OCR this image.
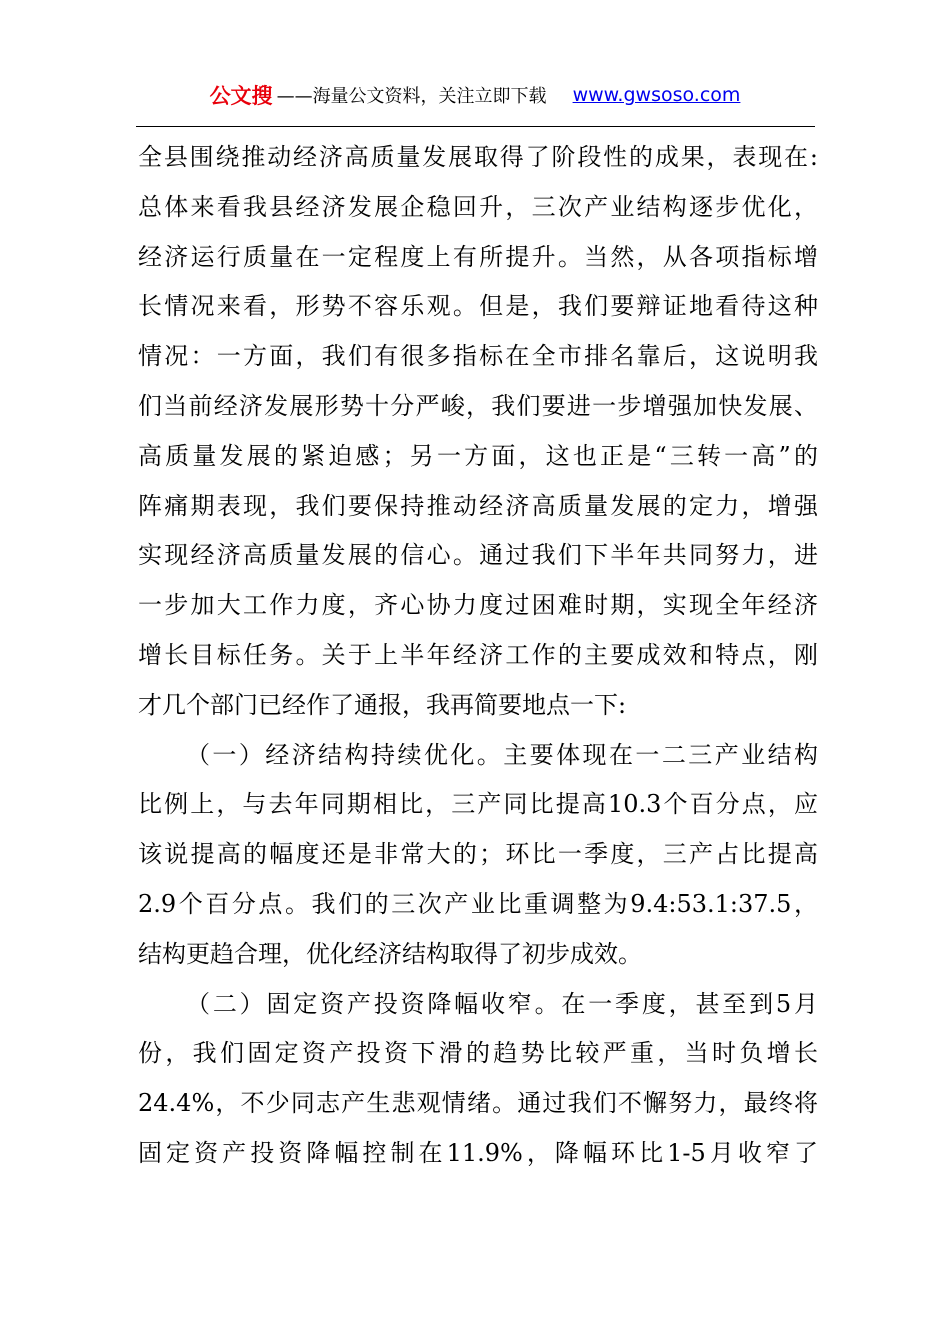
公文搜 ——海量公文资料，关注立即下载 www.gwsoso.com
全县围绕推动经济高质量发展取得了阶段性的成果，表现在:
总体来看我县经济发展企稳回升，三次产业结构逐步优化，
经济运行质量在一定程度上有所提升。当然，从各项指标增
长情况来看，形势不容乐观。但是，我们要辩证地看待这种
情况：一方面，我们有很多指标在全市排名靠后，这说明我
们当前经济发展形势十分严峻，我们要进一步增强加快发展、
高质量发展的紧迫感；另一方面，这也正是“三转一高”的
阵痛期表现，我们要保持推动经济高质量发展的定力，增强
实现经济高质量发展的信心。通过我们下半年共同努力，进
一步加大工作力度，齐心协力度过困难时期，实现全年经济
增长目标任务。关于上半年经济工作的主要成效和特点，刚
才几个部门已经作了通报，我再简要地点一下:
（一）经济结构持续优化。主要体现在一二三产业结构
比例上，与去年同期相比，三产同比提高10.3个百分点，应
该说提高的幅度还是非常大的；环比一季度，三产占比提高
2.9个百分点。我们的三次产业比重调整为9.4:53.1:37.5，
结构更趋合理，优化经济结构取得了初步成效。
（二）固定资产投资降幅收窄。在一季度，甚至到5月
份，我们固定资产投资下滑的趋势比较严重，当时负增长
24.4%，不少同志产生悲观情绪。通过我们不懈努力，最终将
固定资产投资降幅控制在11.9%，降幅环比1-5月收窄了
